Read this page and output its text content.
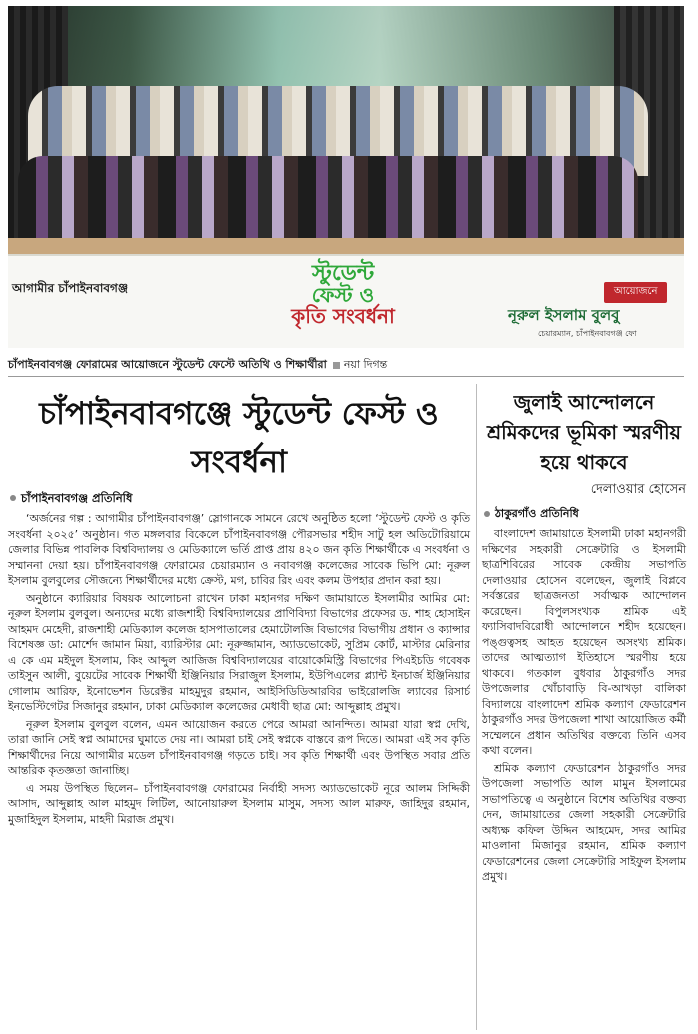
আগামীর চাঁপাইনবাবগঞ্জ
স্টুডেন্ট
ফেস্ট ও
কৃতি সংবর্ধনা
আয়োজনে
নূরুল ইসলাম বুলবু
চেয়ারম্যান, চাঁপাইনবাবগঞ্জ ফো
চাঁপাইনবাবগঞ্জ ফোরামের আয়োজনে স্টুডেন্ট ফেস্টে অতিথি ও শিক্ষার্থীরা নয়া দিগন্ত
চাঁপাইনবাবগঞ্জে স্টুডেন্ট ফেস্ট ও সংবর্ধনা
চাঁপাইনবাবগঞ্জ প্রতিনিধি

‘অর্জনের গল্প : আগামীর চাঁপাইনবাবগঞ্জ’ স্লোগানকে সামনে রেখে অনুষ্ঠিত হলো ‘স্টুডেন্ট ফেস্ট ও কৃতি সংবর্ধনা ২০২৫’ অনুষ্ঠান। গত মঙ্গলবার বিকেলে চাঁপাইনবাবগঞ্জ পৌরসভার শহীদ সাটু হল অডিটোরিয়ামে জেলার বিভিন্ন পাবলিক বিশ্ববিদ্যালয় ও মেডিক্যালে ভর্তি প্রাপ্ত প্রায় ৪২০ জন কৃতি শিক্ষার্থীকে এ সংবর্ধনা ও সম্মাননা দেয়া হয়। চাঁপাইনবাবগঞ্জ ফোরামের চেয়ারম্যান ও নবাবগঞ্জ কলেজের সাবেক ভিপি মো: নূরুল ইসলাম বুলবুলের সৌজন্যে শিক্ষার্থীদের মধ্যে ক্রেস্ট, মগ, চাবির রিং এবং কলম উপহার প্রদান করা হয়।

অনুষ্ঠানে ক্যারিয়ার বিষয়ক আলোচনা রাখেন ঢাকা মহানগর দক্ষিণ জামায়াতে ইসলামীর আমির মো: নূরুল ইসলাম বুলবুল। অন্যদের মধ্যে রাজশাহী বিশ্ববিদ্যালয়ের প্রাণিবিদ্যা বিভাগের প্রফেসর ড. শাহ হোসাইন আহমদ মেহেদী, রাজশাহী মেডিক্যাল কলেজ হাসপাতালের হেমাটোলজি বিভাগের বিভাগীয় প্রধান ও ক্যান্সার বিশেষজ্ঞ ডা: মোর্শেদ জামান মিয়া, ব্যারিস্টার মো: নূরুজ্জামান, অ্যাডভোকেট, সুপ্রিম কোর্ট, মাস্টার মেরিনার এ কে এম মইদুল ইসলাম, কিং আব্দুল আজিজ বিশ্ববিদ্যালয়ের বায়োকেমিস্ট্রি বিভাগের পিএইচডি গবেষক তাইসুন আলী, বুয়েটের সাবেক শিক্ষার্থী ইঞ্জিনিয়ার সিরাজুল ইসলাম, ইউপিএলের প্ল্যান্ট ইনচার্জ ইঞ্জিনিয়ার গোলাম আরিফ, ইনোভেশন ডিরেক্টর মাহমুদুর রহমান, আইসিডিডিআরবির ভাইরোলজি ল্যাবের রিসার্চ ইনভেস্টিগেটর সিজানুর রহমান, ঢাকা মেডিক্যাল কলেজের মেধাবী ছাত্র মো: আব্দুল্লাহ প্রমুখ।

নূরুল ইসলাম বুলবুল বলেন, এমন আয়োজন করতে পেরে আমরা আনন্দিত। আমরা যারা স্বপ্ন দেখি, তারা জানি সেই স্বপ্ন আমাদের ঘুমাতে দেয় না। আমরা চাই সেই স্বপ্নকে বাস্তবে রূপ দিতে। আমরা এই সব কৃতি শিক্ষার্থীদের নিয়ে আগামীর মডেল চাঁপাইনবাবগঞ্জ গড়তে চাই। সব কৃতি শিক্ষার্থী এবং উপস্থিত সবার প্রতি আন্তরিক কৃতজ্ঞতা জানাচ্ছি।

এ সময় উপস্থিত ছিলেন– চাঁপাইনবাবগঞ্জ ফোরামের নির্বাহী সদস্য অ্যাডভোকেট নূরে আলম সিদ্দিকী আসাদ, আব্দুল্লাহ আল মাহমুদ লিটিল, আনোয়ারুল ইসলাম মাসুম, সদস্য আল মারুফ, জাহিদুর রহমান, মুজাহিদুল ইসলাম, মাহদী মিরাজ প্রমুখ।

জুলাই আন্দোলনে শ্রমিকদের ভূমিকা স্মরণীয় হয়ে থাকবে
দেলাওয়ার হোসেন
ঠাকুরগাঁও প্রতিনিধি

বাংলাদেশ জামায়াতে ইসলামী ঢাকা মহানগরী দক্ষিণের সহকারী সেক্রেটারি ও ইসলামী ছাত্রশিবিরের সাবেক কেন্দ্রীয় সভাপতি দেলাওয়ার হোসেন বলেছেন, জুলাই বিপ্লবে সর্বস্তরের ছাত্রজনতা সর্বাত্মক আন্দোলন করেছেন। বিপুলসংখ্যক শ্রমিক এই ফ্যাসিবাদবিরোধী আন্দোলনে শহীদ হয়েছেন। পঙ্গুত্বসহ আহত হয়েছেন অসংখ্য শ্রমিক। তাদের আত্মত্যাগ ইতিহাসে স্মরণীয় হয়ে থাকবে। গতকাল বুধবার ঠাকুরগাঁও সদর উপজেলার খোঁচাবাড়ি বি-আখড়া বালিকা বিদ্যালয়ে বাংলাদেশ শ্রমিক কল্যাণ ফেডারেশন ঠাকুরগাঁও সদর উপজেলা শাখা আয়োজিত কর্মী সম্মেলনে প্রধান অতিথির বক্তব্যে তিনি এসব কথা বলেন।

শ্রমিক কল্যাণ ফেডারেশন ঠাকুরগাঁও সদর উপজেলা সভাপতি আল মামুন ইসলামের সভাপতিত্বে এ অনুষ্ঠানে বিশেষ অতিথির বক্তব্য দেন, জামায়াতের জেলা সহকারী সেক্রেটারি অধ্যক্ষ কফিল উদ্দিন আহমেদ, সদর আমির মাওলানা মিজানুর রহমান, শ্রমিক কল্যাণ ফেডারেশনের জেলা সেক্রেটারি সাইফুল ইসলাম প্রমুখ।
